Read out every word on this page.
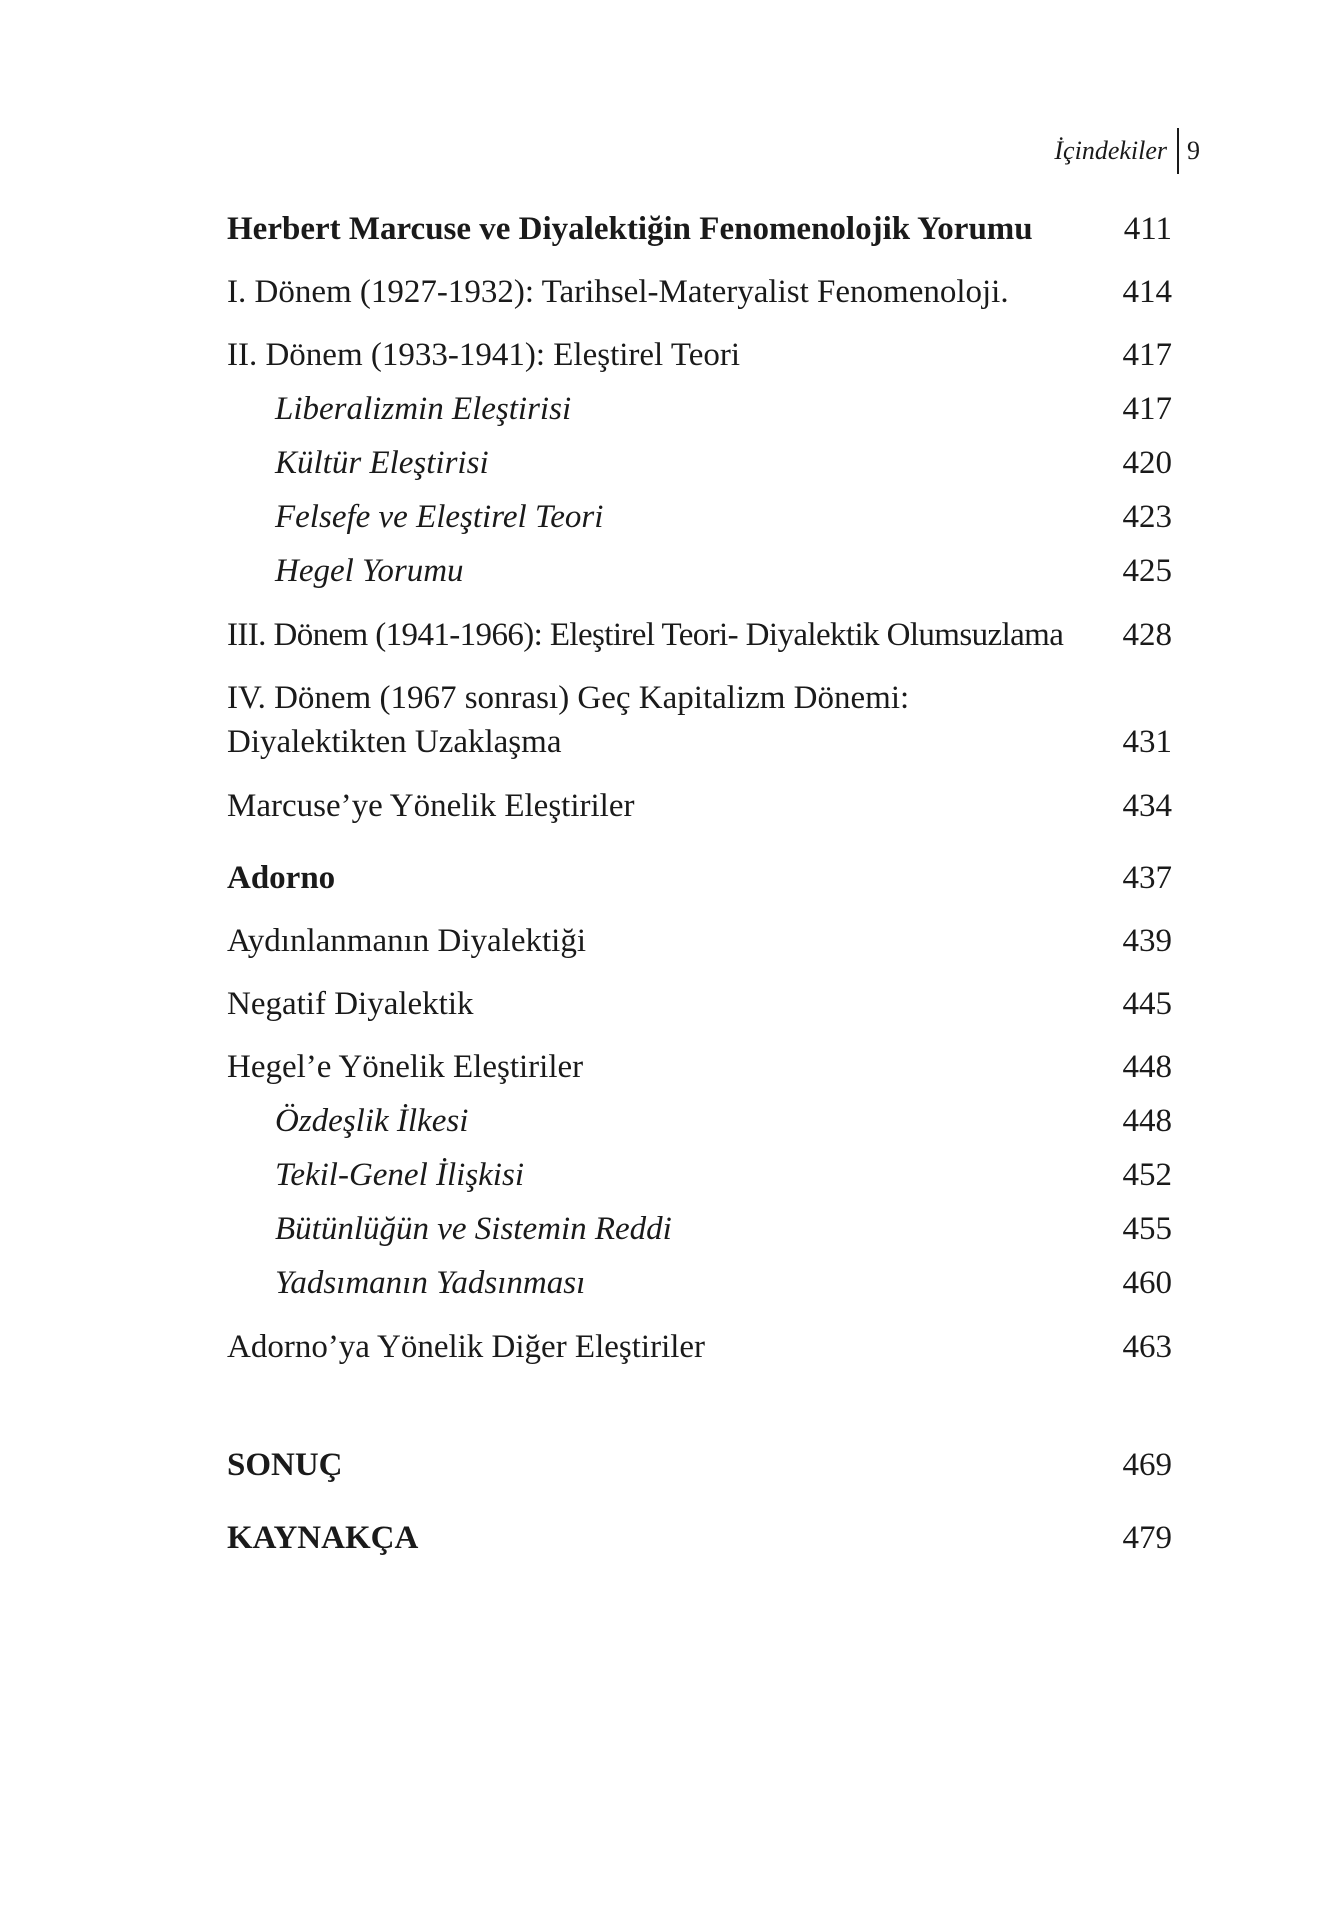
İçindekiler 9
Herbert Marcuse ve Diyalektiğin Fenomenolojik Yorumu	411
I. Dönem (1927-1932): Tarihsel-Materyalist Fenomenoloji.	414
II. Dönem (1933-1941): Eleştirel Teori	417
Liberalizmin Eleştirisi	417
Kültür Eleştirisi	420
Felsefe ve Eleştirel Teori	423
Hegel Yorumu	425
III. Dönem (1941-1966): Eleştirel Teori- Diyalektik Olumsuzlama 428
IV. Dönem (1967 sonrası) Geç Kapitalizm Dönemi:
Diyalektikten Uzaklaşma	431
Marcuse’ye Yönelik Eleştiriler	434
Adorno	437
Aydınlanmanın Diyalektiği	439
Negatif Diyalektik	445
Hegel’e Yönelik Eleştiriler	448
Özdeşlik İlkesi	448
Tekil-Genel İlişkisi	452
Bütünlüğün ve Sistemin Reddi	455
Yadsımanın Yadsınması	460
Adorno’ya Yönelik Diğer Eleştiriler	463
SONUÇ	469
KAYNAKÇA	479
